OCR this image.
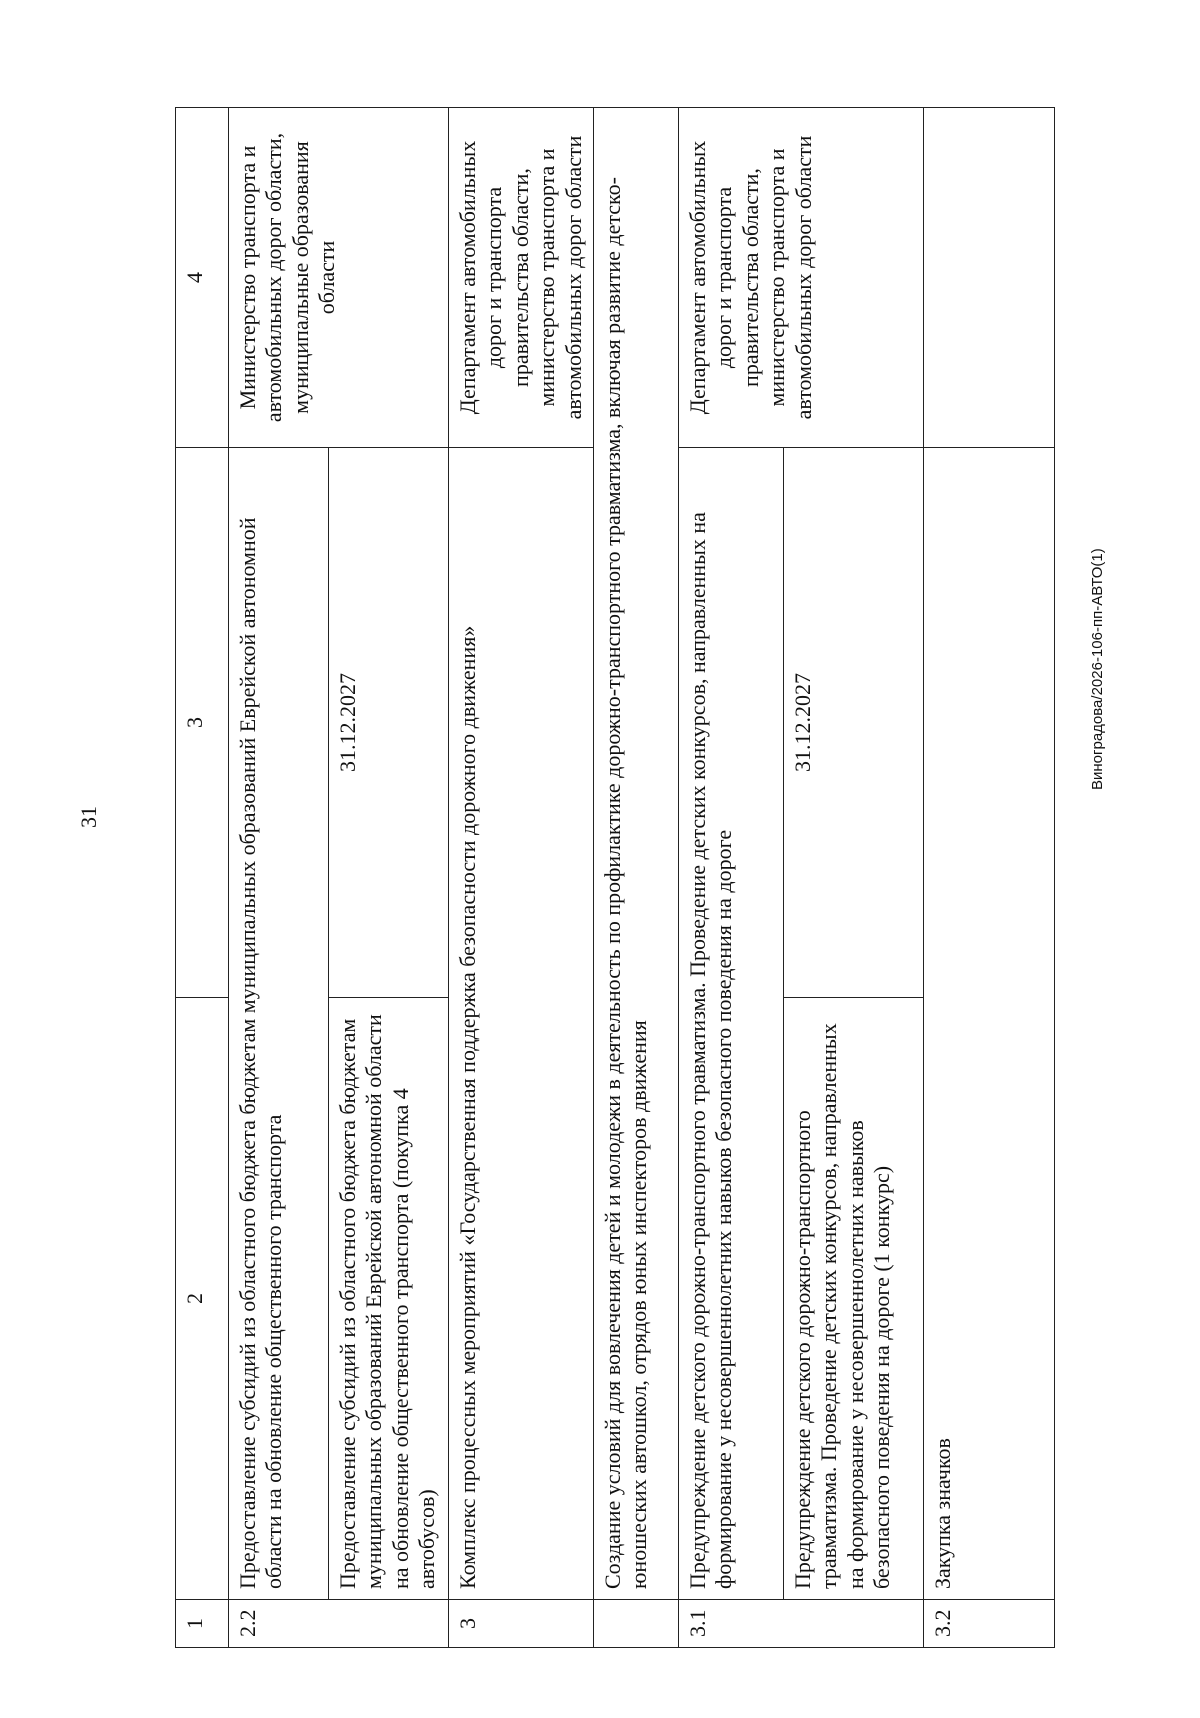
31
1	2	3	4
2.2	Предоставление субсидий из областного бюджета бюджетам муниципальных образований Еврейской автономной области на обновление общественного транспорта		Министерство транспорта и автомобильных дорог области, муниципальные образования области
	Предоставление субсидий из областного бюджета бюджетам муниципальных образований Еврейской автономной области на обновление общественного транспорта (покупка 4 автобусов)	31.12.2027	
3	Комплекс процессных мероприятий «Государственная поддержка безопасности дорожного движения»		Департамент автомобильных дорог и транспорта правительства области, министерство транспорта и автомобильных дорог области
	Создание условий для вовлечения детей и молодежи в деятельность по профилактике дорожно-транспортного травматизма, включая развитие детско-юношеских автошкол, отрядов юных инспекторов движения		
3.1	Предупреждение детского дорожно-транспортного травматизма. Проведение детских конкурсов, направленных на формирование у несовершеннолетних навыков безопасного поведения на дороге		Департамент автомобильных дорог и транспорта правительства области, министерство транспорта и автомобильных дорог области
	Предупреждение детского дорожно-транспортного травматизма. Проведение детских конкурсов, направленных на формирование у несовершеннолетних навыков безопасного поведения на дороге (1 конкурс)	31.12.2027	
3.2	Закупка значков		
Виноградова/2026-106-пп-АВТО(1)
